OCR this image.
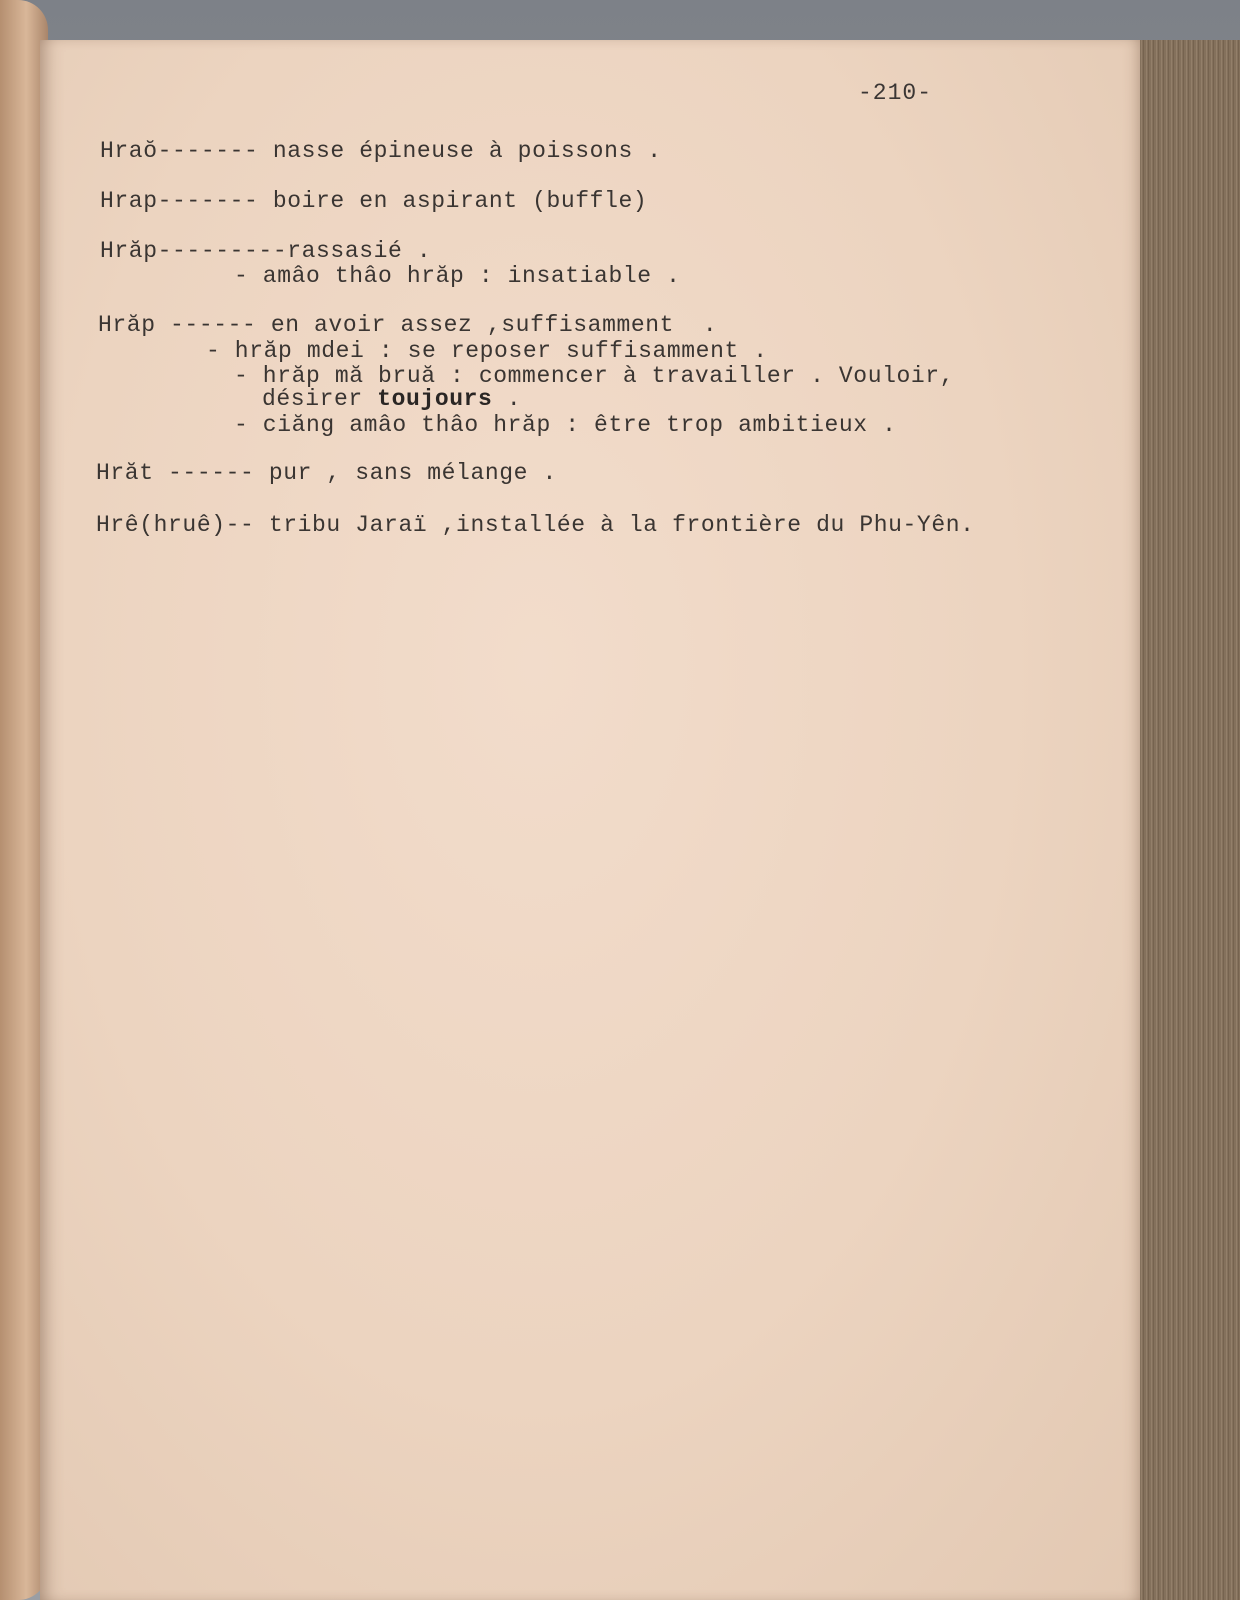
-210-
Hraŏ------- nasse épineuse à poissons .
Hrap------- boire en aspirant (buffle)
Hrăp---------rassasié .
- amâo thâo hrăp : insatiable .
Hrăp ------ en avoir assez ,suffisamment  .
- hrăp mdei : se reposer suffisamment .
- hrăp mă bruă : commencer à travailler . Vouloir,
désirer toujours .
- ciăng amâo thâo hrăp : être trop ambitieux .
Hrăt ------ pur , sans mélange .
Hrê(hruê)-- tribu Jaraï ,installée à la frontière du Phu-Yên.
